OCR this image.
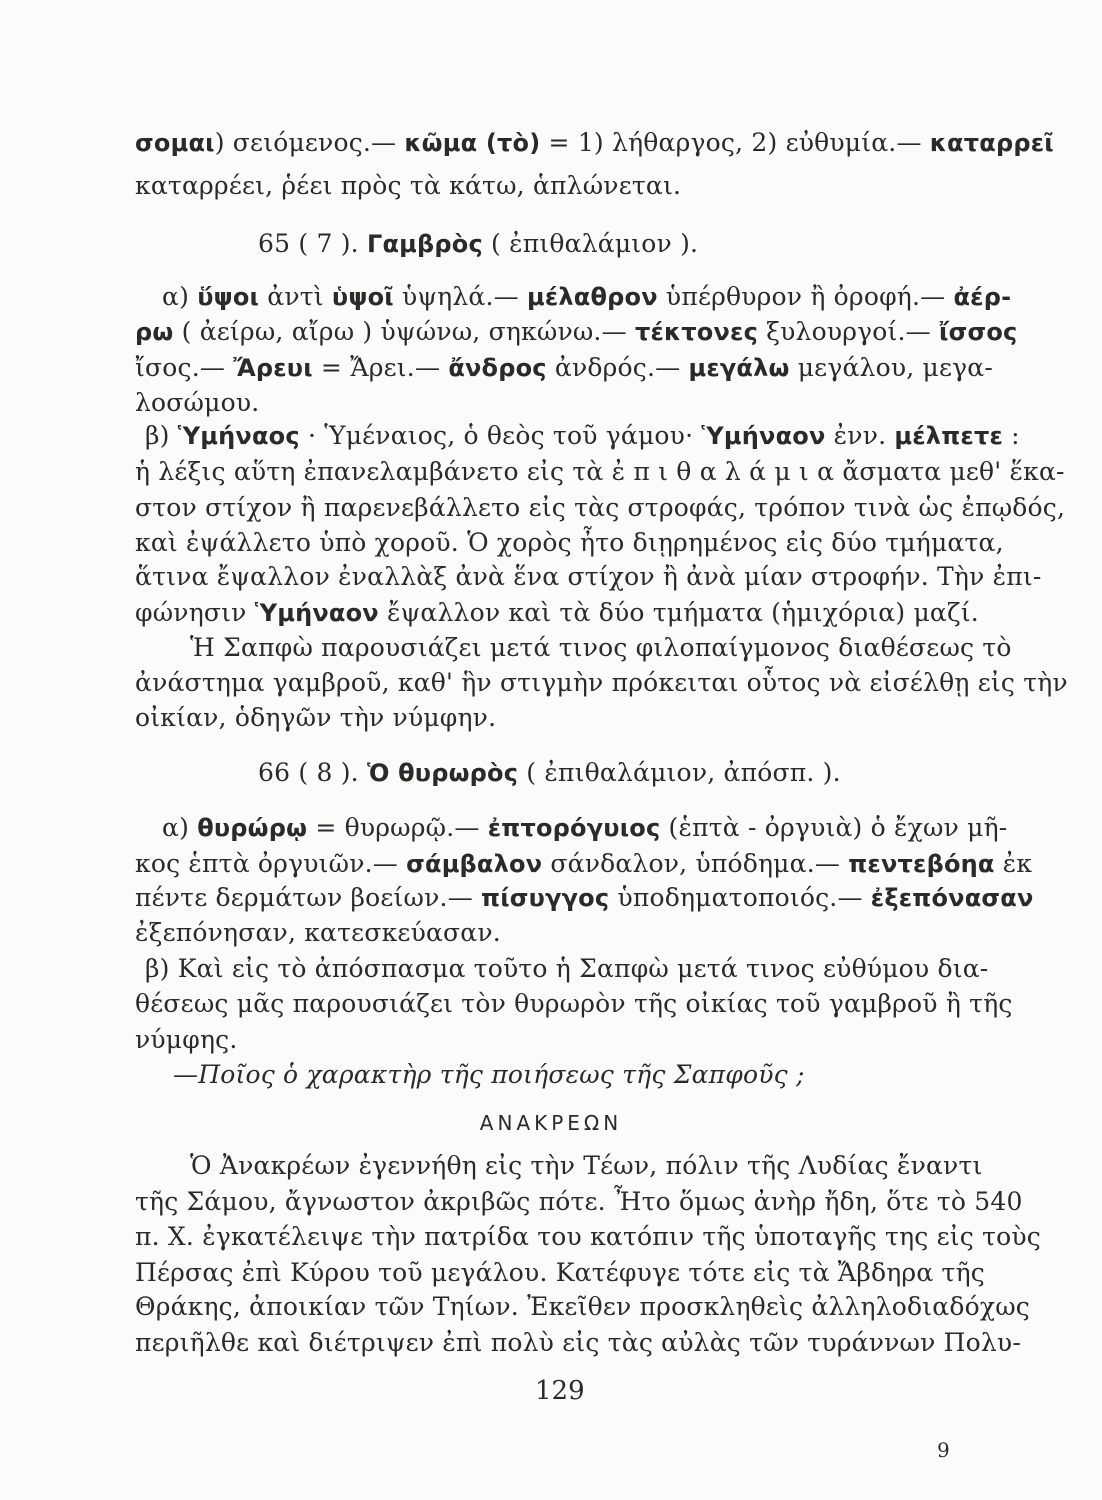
σομαι) σειόμενος.— κῶμα (τὸ) = 1) λήθαργος, 2) εὐθυμία.— καταρρεῖ
καταρρέει, ῥέει πρὸς τὰ κάτω, ἁπλώνεται.
65 ( 7 ). Γαμβρὸς ( ἐπιθαλάμιον ).
α) ὕψοι ἀντὶ ὑψοῖ ὑψηλά.— μέλαθρον ὑπέρθυρον ἢ ὀροφή.— ἀέρ-
ρω ( ἀείρω, αἴρω ) ὑψώνω, σηκώνω.— τέκτονες ξυλουργοί.— ἴσσος
ἴσος.— Ἄρευι = Ἄρει.— ἄνδρος ἀνδρός.— μεγάλω μεγάλου, μεγα-
λοσώμου.
β) Ὑμήναος · Ὑμέναιος, ὁ θεὸς τοῦ γάμου· Ὑμήναον ἐνν. μέλπετε :
ἡ λέξις αὕτη ἐπανελαμβάνετο εἰς τὰ ἐ π ι θ α λ ά μ ι α ἄσματα μεθ' ἕκα-
στον στίχον ἢ παρενεβάλλετο εἰς τὰς στροφάς, τρόπον τινὰ ὡς ἐπῳδός,
καὶ ἐψάλλετο ὑπὸ χοροῦ. Ὁ χορὸς ἦτο διῃρημένος εἰς δύο τμήματα,
ἅτινα ἔψαλλον ἐναλλὰξ ἀνὰ ἕνα στίχον ἢ ἀνὰ μίαν στροφήν. Τὴν ἐπι-
φώνησιν Ὑμήναον ἔψαλλον καὶ τὰ δύο τμήματα (ἡμιχόρια) μαζί.
Ἡ Σαπφὼ παρουσιάζει μετά τινος φιλοπαίγμονος διαθέσεως τὸ
ἀνάστημα γαμβροῦ, καθ' ἣν στιγμὴν πρόκειται οὗτος νὰ εἰσέλθῃ εἰς τὴν
οἰκίαν, ὁδηγῶν τὴν νύμφην.
66 ( 8 ). Ὁ θυρωρὸς ( ἐπιθαλάμιον, ἀπόσπ. ).
α) θυρώρῳ = θυρωρῷ.— ἐπτορόγυιος (ἑπτὰ - ὀργυιὰ) ὁ ἔχων μῆ-
κος ἑπτὰ ὀργυιῶν.— σάμβαλον σάνδαλον, ὑπόδημα.— πεντεβόηα ἐκ
πέντε δερμάτων βοείων.— πίσυγγος ὑποδηματοποιός.— ἐξεπόνασαν
ἐξεπόνησαν, κατεσκεύασαν.
β) Καὶ εἰς τὸ ἀπόσπασμα τοῦτο ἡ Σαπφὼ μετά τινος εὐθύμου δια-
θέσεως μᾶς παρουσιάζει τὸν θυρωρὸν τῆς οἰκίας τοῦ γαμβροῦ ἢ τῆς
νύμφης.
—Ποῖος ὁ χαρακτὴρ τῆς ποιήσεως τῆς Σαπφοῦς ;
ΑΝΑΚΡΕΩΝ
Ὁ Ἀνακρέων ἐγεννήθη εἰς τὴν Τέων, πόλιν τῆς Λυδίας ἔναντι
τῆς Σάμου, ἄγνωστον ἀκριβῶς πότε. Ἦτο ὅμως ἀνὴρ ἤδη, ὅτε τὸ 540
π. Χ. ἐγκατέλειψε τὴν πατρίδα του κατόπιν τῆς ὑποταγῆς της εἰς τοὺς
Πέρσας ἐπὶ Κύρου τοῦ μεγάλου. Κατέφυγε τότε εἰς τὰ Ἄβδηρα τῆς
Θράκης, ἀποικίαν τῶν Τηίων. Ἐκεῖθεν προσκληθεὶς ἀλληλοδιαδόχως
περιῆλθε καὶ διέτριψεν ἐπὶ πολὺ εἰς τὰς αὐλὰς τῶν τυράννων Πολυ-
129
9
